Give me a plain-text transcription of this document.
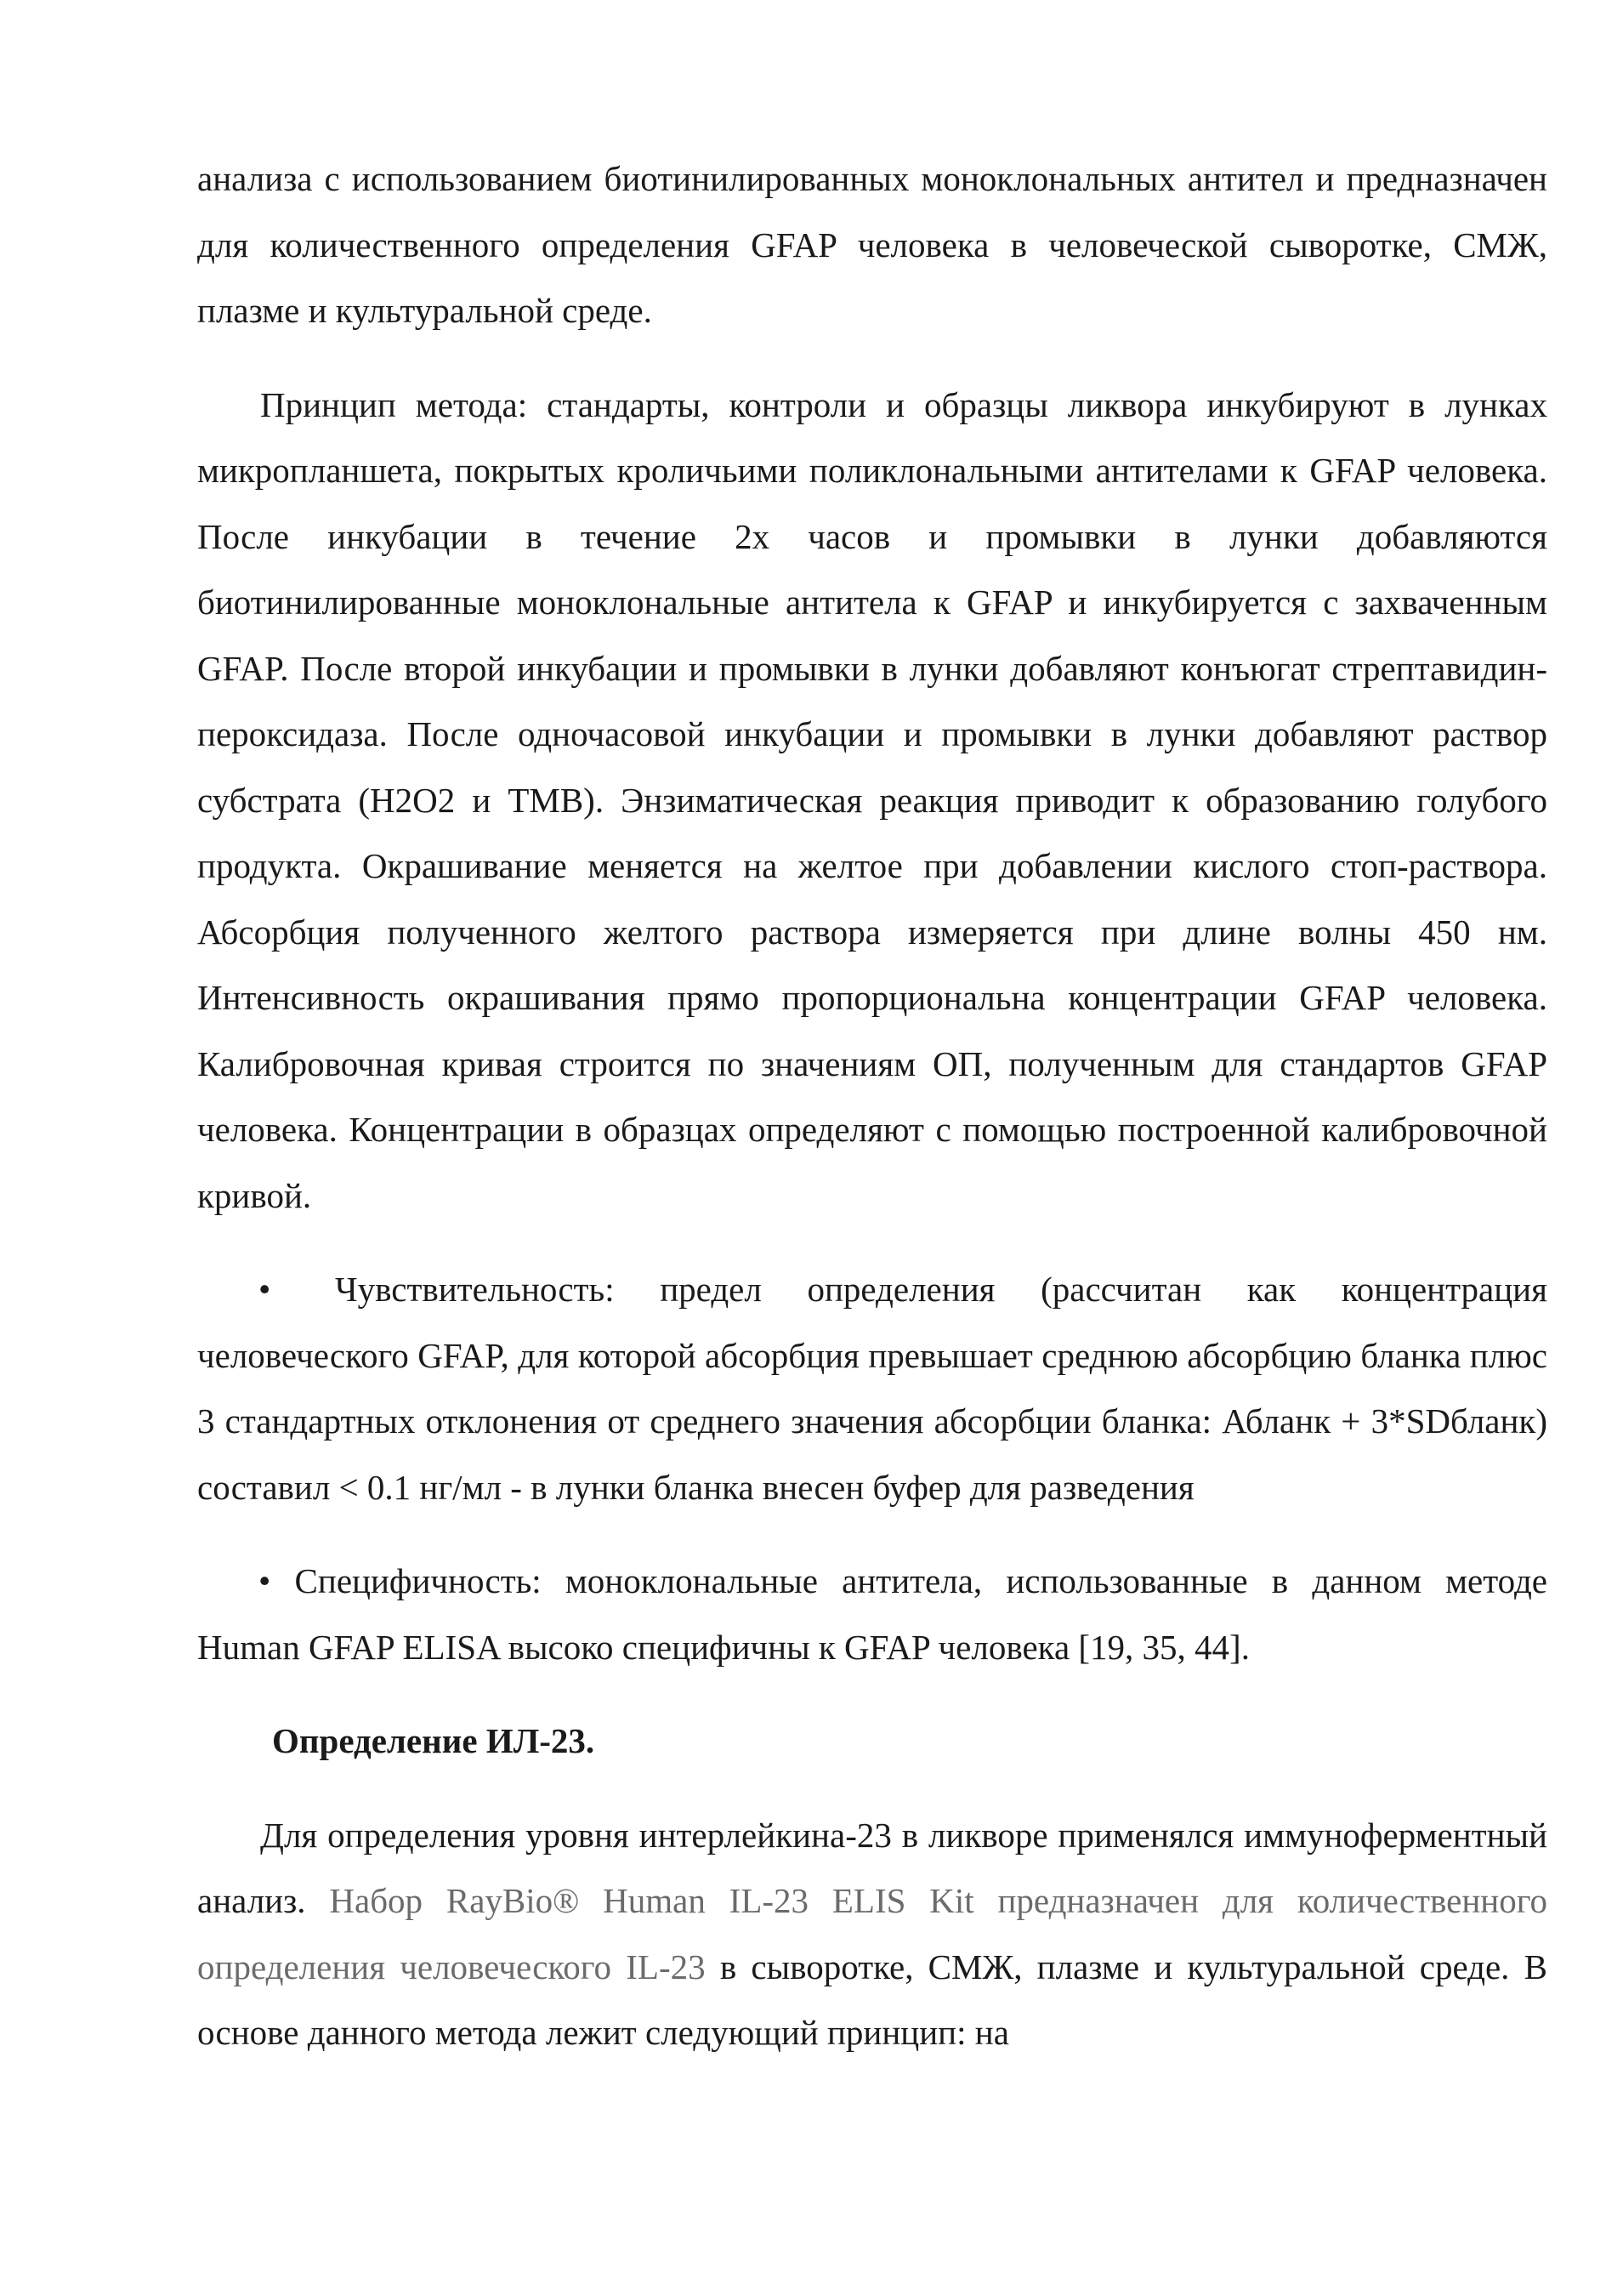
анализа с использованием биотинилированных моноклональных антител и предназначен для количественного определения GFAP человека в человеческой сыворотке, СМЖ, плазме и культуральной среде.

Принцип метода: стандарты, контроли и образцы ликвора инкубируют в лунках микропланшета, покрытых кроличьими поликлональными антителами к GFAP человека. После инкубации в течение 2х часов и промывки в лунки добавляются биотинилированные моноклональные антитела к GFAP и инкубируется с захваченным GFAP. После второй инкубации и промывки в лунки добавляют конъюгат стрептавидин-пероксидаза. После одночасовой инкубации и промывки в лунки добавляют раствор субстрата (H2O2 и TMB). Энзиматическая реакция приводит к образованию голубого продукта. Окрашивание меняется на желтое при добавлении кислого стоп-раствора. Абсорбция полученного желтого раствора измеряется при длине волны 450 нм. Интенсивность окрашивания прямо пропорциональна концентрации GFAP человека. Калибровочная кривая строится по значениям ОП, полученным для стандартов GFAP человека. Концентрации в образцах определяют с помощью построенной калибровочной кривой.

• Чувствительность: предел определения (рассчитан как концентрация человеческого GFAP, для которой абсорбция превышает среднюю абсорбцию бланка плюс 3 стандартных отклонения от среднего значения абсорбции бланка: Абланк + 3*SDбланк) составил < 0.1 нг/мл - в лунки бланка внесен буфер для разведения

• Специфичность: моноклональные антитела, использованные в данном методе Human GFAP ELISA высоко специфичны к GFAP человека [19, 35, 44].

Определение ИЛ-23.

Для определения уровня интерлейкина-23 в ликворе применялся иммуноферментный анализ. Набор RayBio® Human IL-23 ELIS Kit предназначен для количественного определения человеческого IL-23 в сыворотке, СМЖ, плазме и культуральной среде. В основе данного метода лежит следующий принцип: на
